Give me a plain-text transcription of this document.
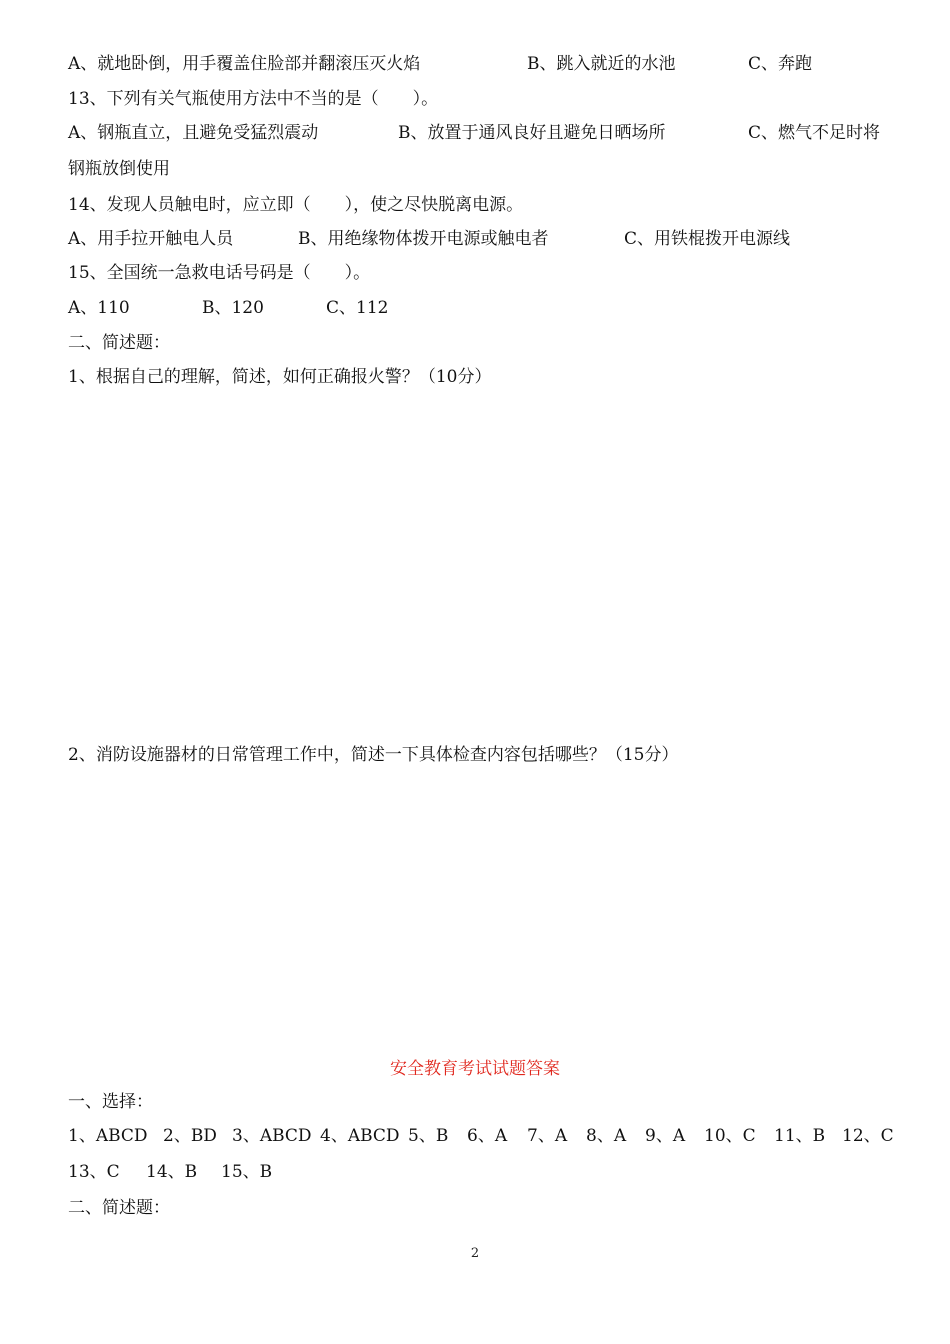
A、就地卧倒，用手覆盖住脸部并翻滚压灭火焰	B、跳入就近的水池	C、奔跑
13、下列有关气瓶使用方法中不当的是（　　）。
A、钢瓶直立，且避免受猛烈震动	B、放置于通风良好且避免日晒场所	C、燃气不足时将
钢瓶放倒使用
14、发现人员触电时，应立即（　　），使之尽快脱离电源。
A、用手拉开触电人员	B、用绝缘物体拨开电源或触电者	C、用铁棍拨开电源线
15、全国统一急救电话号码是（　　）。
A、110	B、120	C、112
二、简述题：
1、根据自己的理解，简述，如何正确报火警？（10分）
2、消防设施器材的日常管理工作中，简述一下具体检查内容包括哪些？（15分）
安全教育考试试题答案
一、选择：
1、ABCD 2、BD 3、ABCD 4、ABCD 5、B 6、A 7、A 8、A 9、A 10、C 11、B 12、C
13、C 14、B 15、B
二、简述题：
2
